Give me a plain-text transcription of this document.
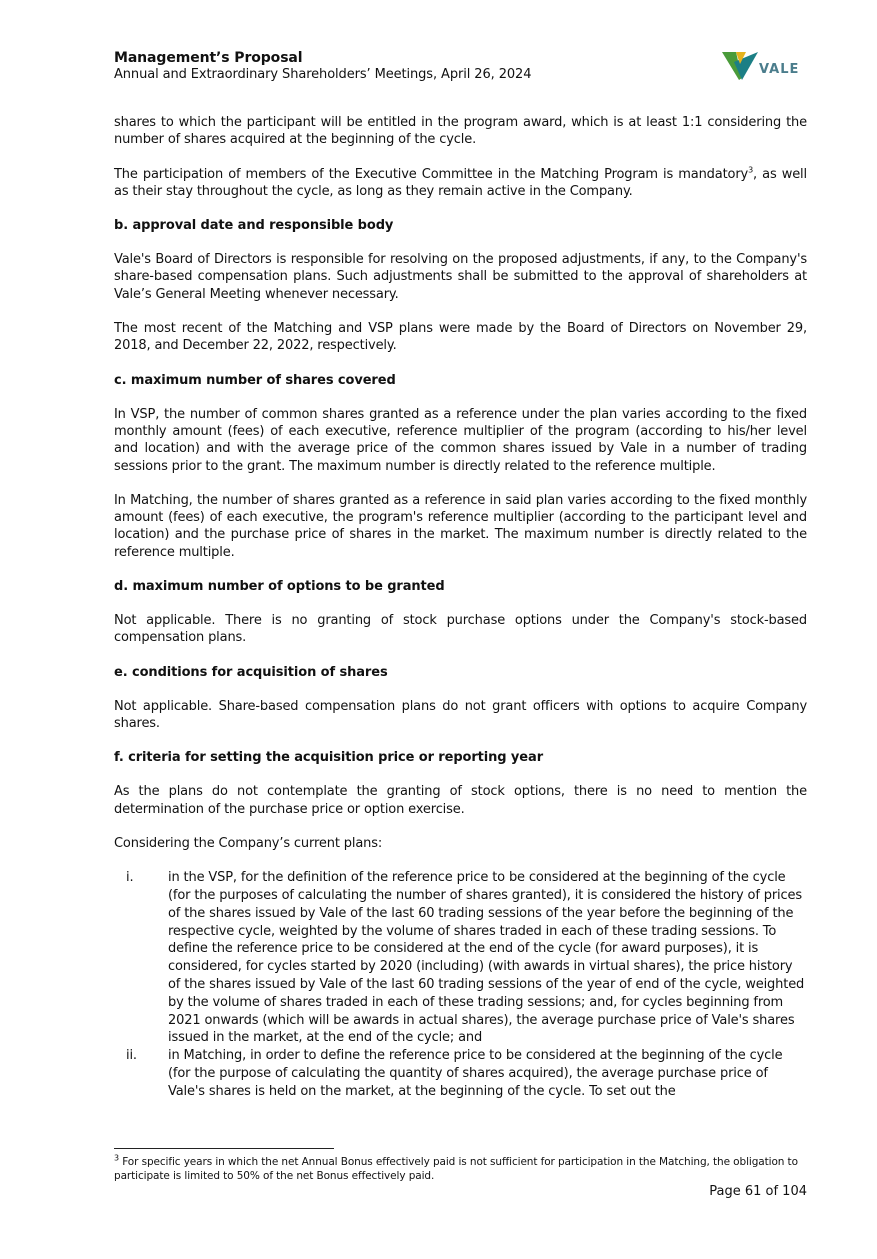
Management’s Proposal
Annual and Extraordinary Shareholders’ Meetings, April 26, 2024	VALE

shares to which the participant will be entitled in the program award, which is at least 1:1 considering the number of shares acquired at the beginning of the cycle.

The participation of members of the Executive Committee in the Matching Program is mandatory$^3$, as well as their stay throughout the cycle, as long as they remain active in the Company.

b. approval date and responsible body

Vale's Board of Directors is responsible for resolving on the proposed adjustments, if any, to the Company's share-based compensation plans. Such adjustments shall be submitted to the approval of shareholders at Vale’s General Meeting whenever necessary.

The most recent of the Matching and VSP plans were made by the Board of Directors on November 29, 2018, and December 22, 2022, respectively.

c. maximum number of shares covered

In VSP, the number of common shares granted as a reference under the plan varies according to the fixed monthly amount (fees) of each executive, reference multiplier of the program (according to his/her level and location) and with the average price of the common shares issued by Vale in a number of trading sessions prior to the grant. The maximum number is directly related to the reference multiple.

In Matching, the number of shares granted as a reference in said plan varies according to the fixed monthly amount (fees) of each executive, the program's reference multiplier (according to the participant level and location) and the purchase price of shares in the market. The maximum number is directly related to the reference multiple.

d. maximum number of options to be granted

Not applicable. There is no granting of stock purchase options under the Company's stock-based compensation plans.

e. conditions for acquisition of shares

Not applicable. Share-based compensation plans do not grant officers with options to acquire Company shares.

f. criteria for setting the acquisition price or reporting year

As the plans do not contemplate the granting of stock options, there is no need to mention the determination of the purchase price or option exercise.

Considering the Company’s current plans:

i.	in the VSP, for the definition of the reference price to be considered at the beginning of the cycle (for the purposes of calculating the number of shares granted), it is considered the history of prices of the shares issued by Vale of the last 60 trading sessions of the year before the beginning of the respective cycle, weighted by the volume of shares traded in each of these trading sessions. To define the reference price to be considered at the end of the cycle (for award purposes), it is considered, for cycles started by 2020 (including) (with awards in virtual shares), the price history of the shares issued by Vale of the last 60 trading sessions of the year of end of the cycle, weighted by the volume of shares traded in each of these trading sessions; and, for cycles beginning from 2021 onwards (which will be awards in actual shares), the average purchase price of Vale's shares issued in the market, at the end of the cycle; and
ii. in Matching, in order to define the reference price to be considered at the beginning of the cycle (for the purpose of calculating the quantity of shares acquired), the average purchase price of Vale's shares is held on the market, at the beginning of the cycle. To set out the
$^3$ For specific years in which the net Annual Bonus effectively paid is not sufficient for participation in the Matching, the obligation to participate is limited to 50% of the net Bonus effectively paid.
Page 61 of 104
